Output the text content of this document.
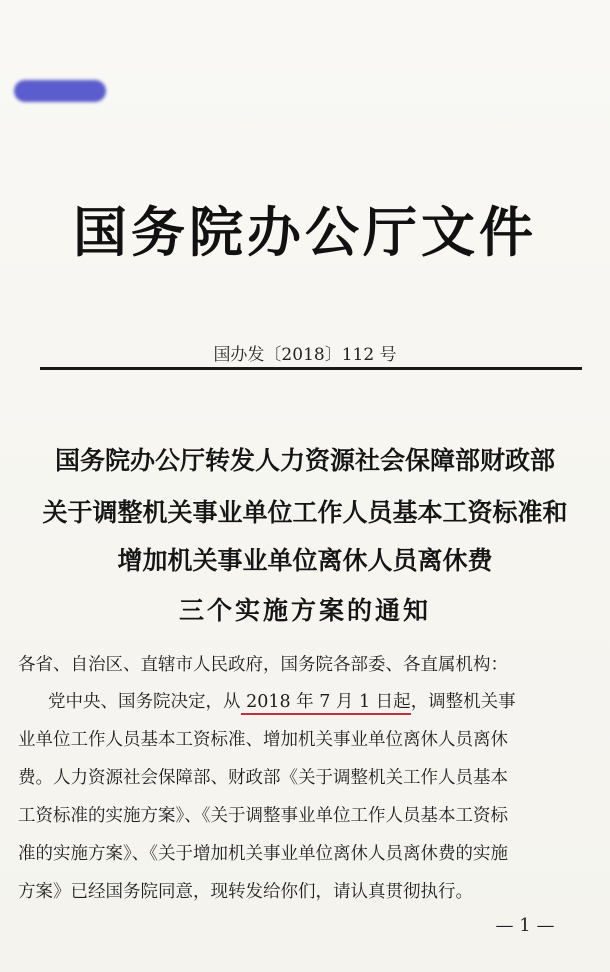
国务院办公厅文件
国办发〔2018〕112 号
国务院办公厅转发人力资源社会保障部财政部
关于调整机关事业单位工作人员基本工资标准和
增加机关事业单位离休人员离休费
三个实施方案的通知
各省、自治区、直辖市人民政府，国务院各部委、各直属机构：
党中央、国务院决定，从 2018 年 7 月 1 日起，调整机关事
业单位工作人员基本工资标准、增加机关事业单位离休人员离休
费。人力资源社会保障部、财政部《关于调整机关工作人员基本
工资标准的实施方案》、《关于调整事业单位工作人员基本工资标
准的实施方案》、《关于增加机关事业单位离休人员离休费的实施
方案》已经国务院同意，现转发给你们，请认真贯彻执行。
— 1 —
